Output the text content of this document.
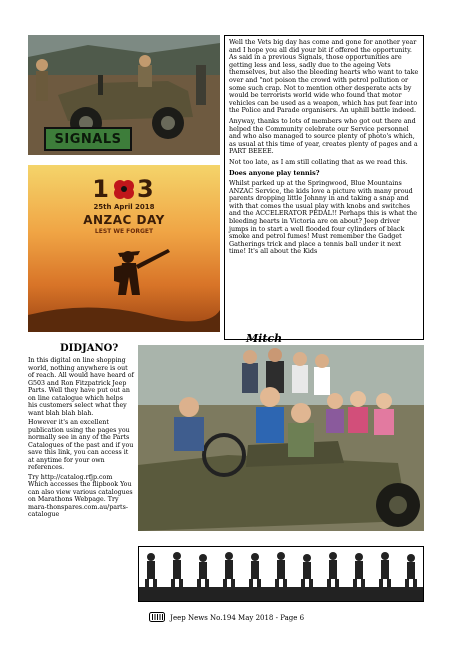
SIGNALS
1 3
25th April 2018
ANZAC DAY
LEST WE FORGET

Well the Vets big day has come and gone for another year and I hope you all did your bit if offered the opportunity. As said in a previous Signals, those opportunities are getting less and less, sadly due to the ageing Vets themselves, but also the bleeding hearts who want to take over and "not poison the crowd with petrol pollution or some such crap. Not to mention other desperate acts by would be terrorists world wide who found that motor vehicles can be used as a weapon, which has put fear into the Police and Parade organisers. An uphill battle indeed.

Anyway, thanks to lots of members who got out there and helped the Community celebrate our Service personnel and who also managed to source plenty of photo's which, as usual at this time of year, creates plenty of pages and a PART BEEEE.

Not too late, as I am still collating that as we read this.

Does anyone play tennis?

Whilst parked up at the Springwood, Blue Mountains ANZAC Service, the kids love a picture with many proud parents dropping little Johnny in and taking a snap and with that comes the usual play with knobs and switches and the ACCELERATOR PEDAL!! Perhaps this is what the bleeding hearts in Victoria are on about? Jeep driver jumps in to start a well flooded four cylinders of black smoke and petrol fumes! Must remember the Gadget Gatherings trick and place a tennis ball under it next time! It's all about the Kids

Mitch
DIDJANO?

In this digital on line shopping world, nothing anywhere is out of reach. All would have heard of G503 and Ron Fitzpatrick Jeep Parts. Well they have put out an on line catalogue which helps his customers select what they want blah blah blah.

However it's an excellent publication using the pages you normally see in any of the Parts Catalogues of the past and if you save this link, you can access it at anytime for your own references.

Try http://catalog.rfjp.com Which accesses the flipbook You can also view various catalogues on Marathons Webpage. Try mara-thonspares.com.au/parts-catalogue

Jeep News No.194 May 2018 - Page 6
